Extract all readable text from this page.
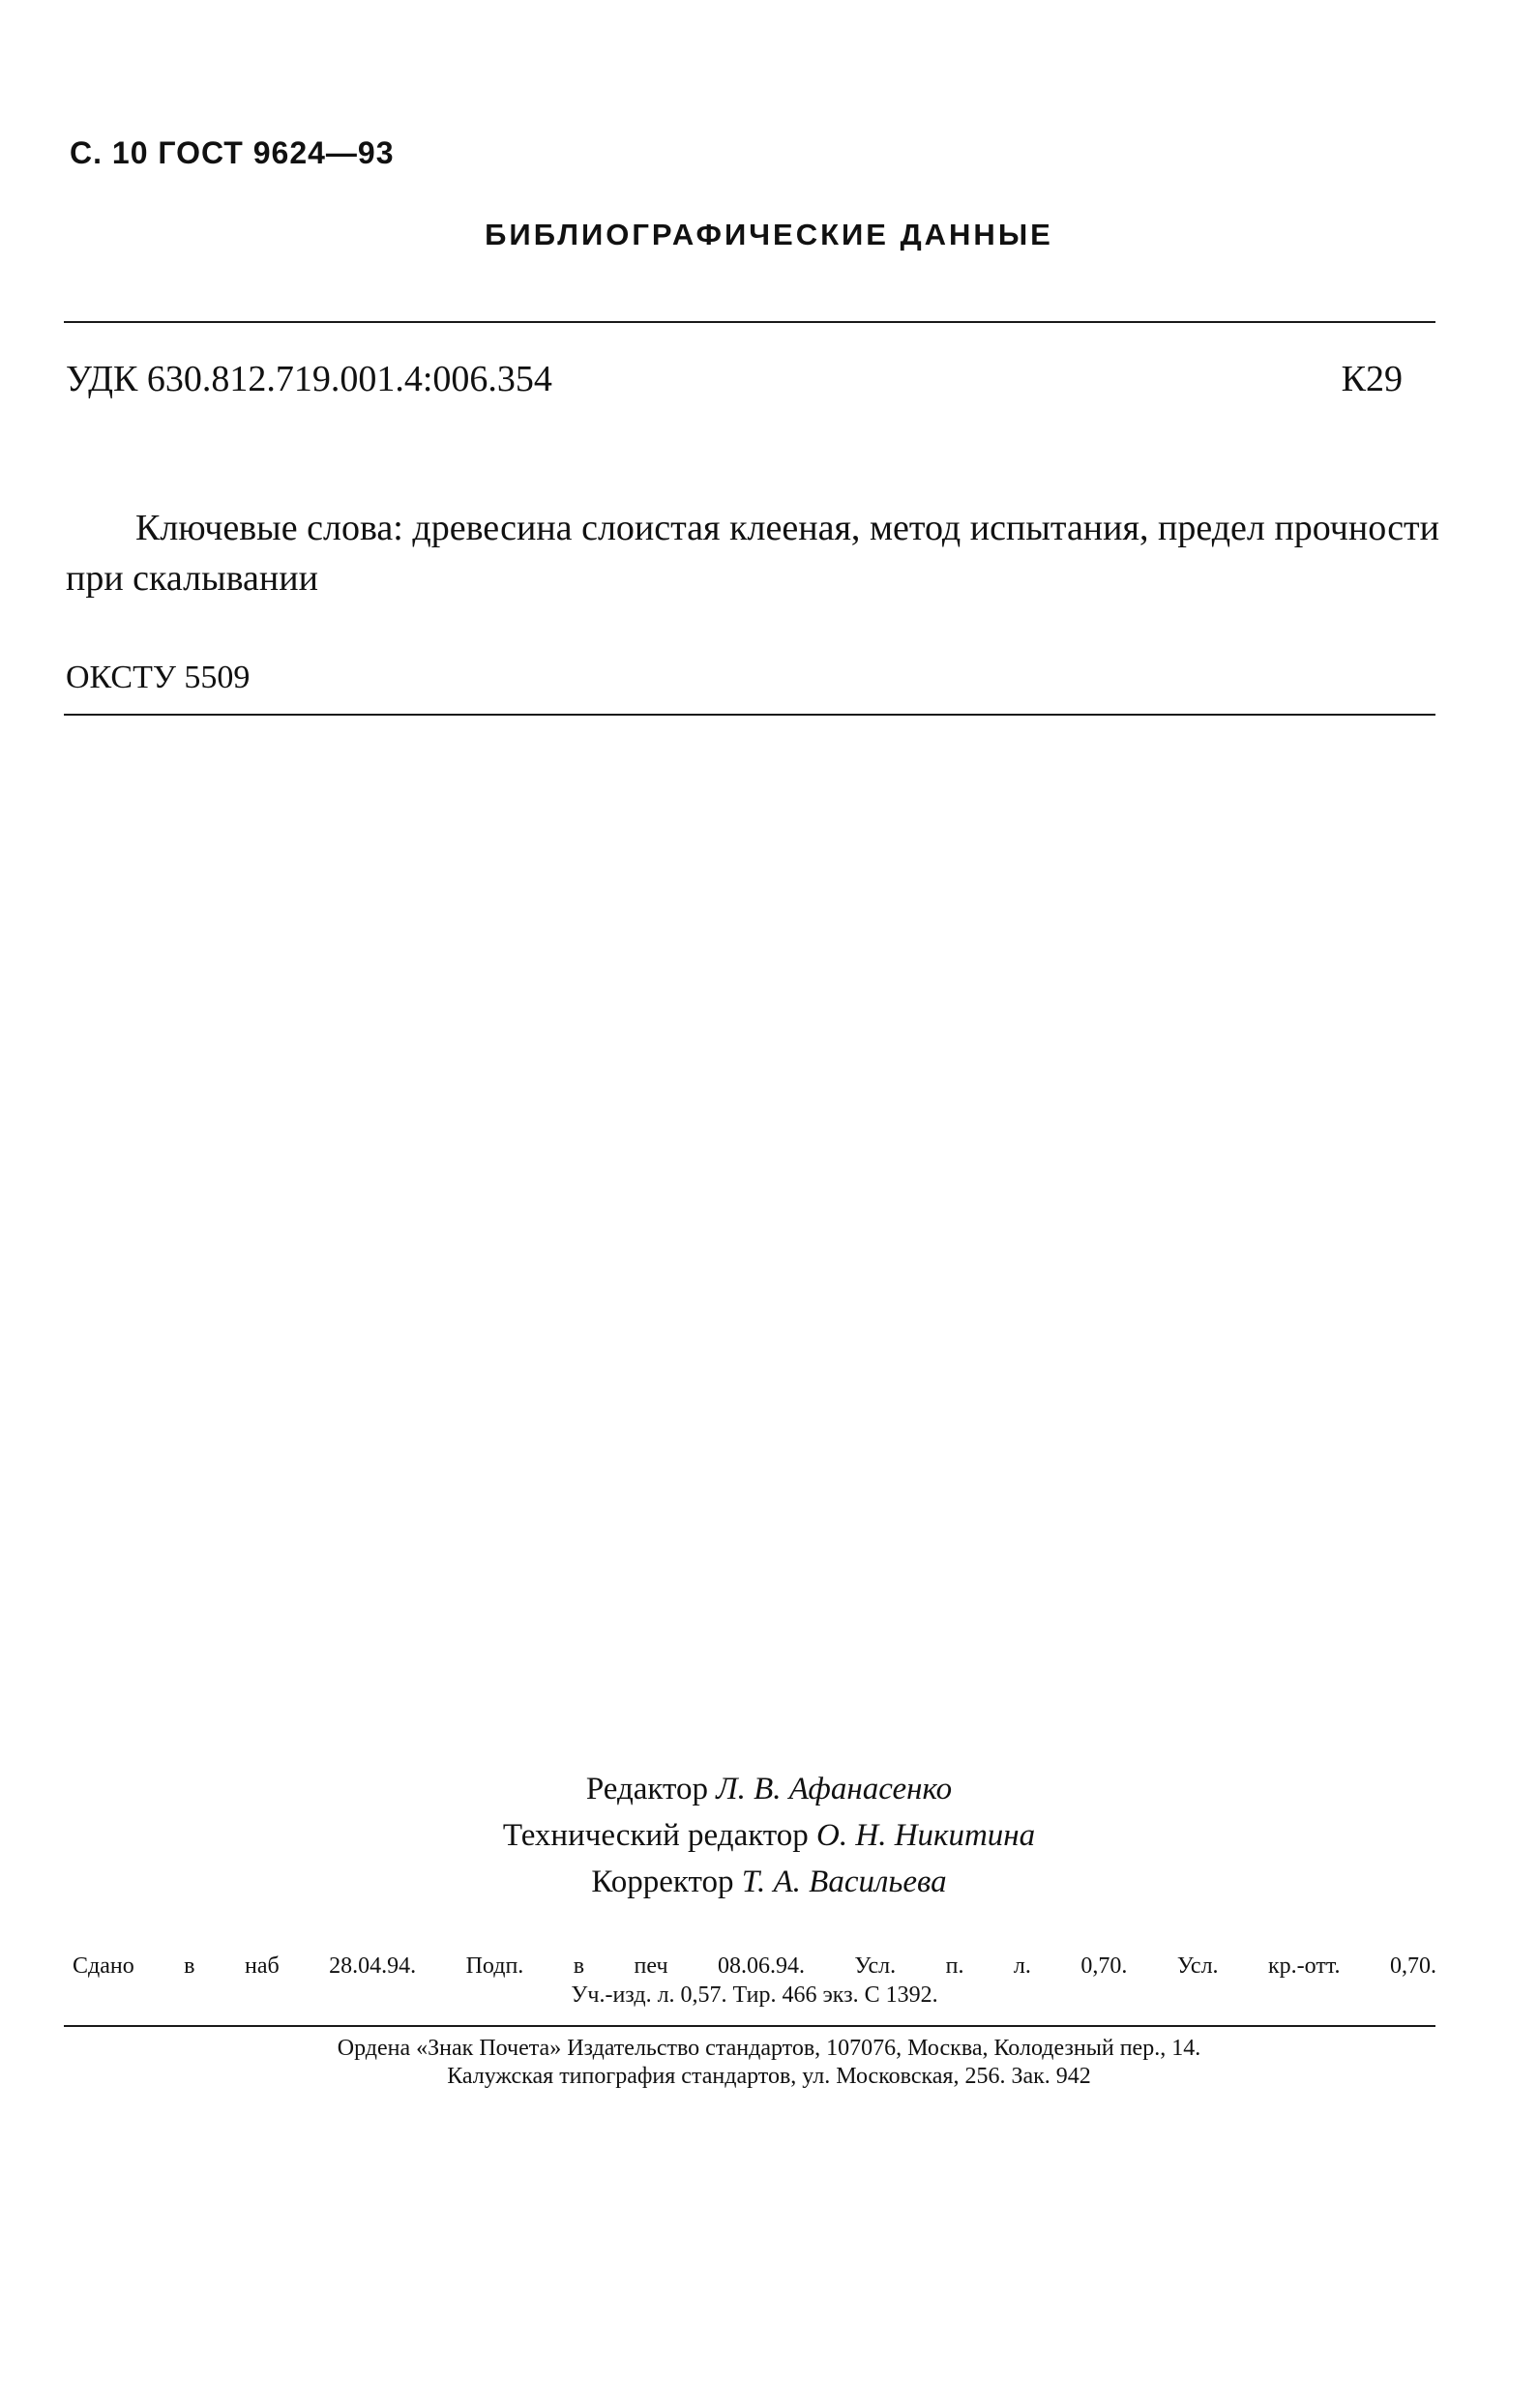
С. 10 ГОСТ 9624—93
БИБЛИОГРАФИЧЕСКИЕ ДАННЫЕ
УДК 630.812.719.001.4:006.354	К29
Ключевые слова: древесина слоистая клееная, метод испытания, предел прочности при скалывании
ОКСТУ 5509
Редактор Л. В. Афанасенко
Технический редактор О. Н. Никитина
Корректор Т. А. Васильева
Сдано в наб 28.04.94. Подп. в печ 08.06.94. Усл. п. л. 0,70. Усл. кр.-отт. 0,70.
Уч.-изд. л. 0,57. Тир. 466 экз. С 1392.
Ордена «Знак Почета» Издательство стандартов, 107076, Москва, Колодезный пер., 14.
Калужская типография стандартов, ул. Московская, 256. Зак. 942
